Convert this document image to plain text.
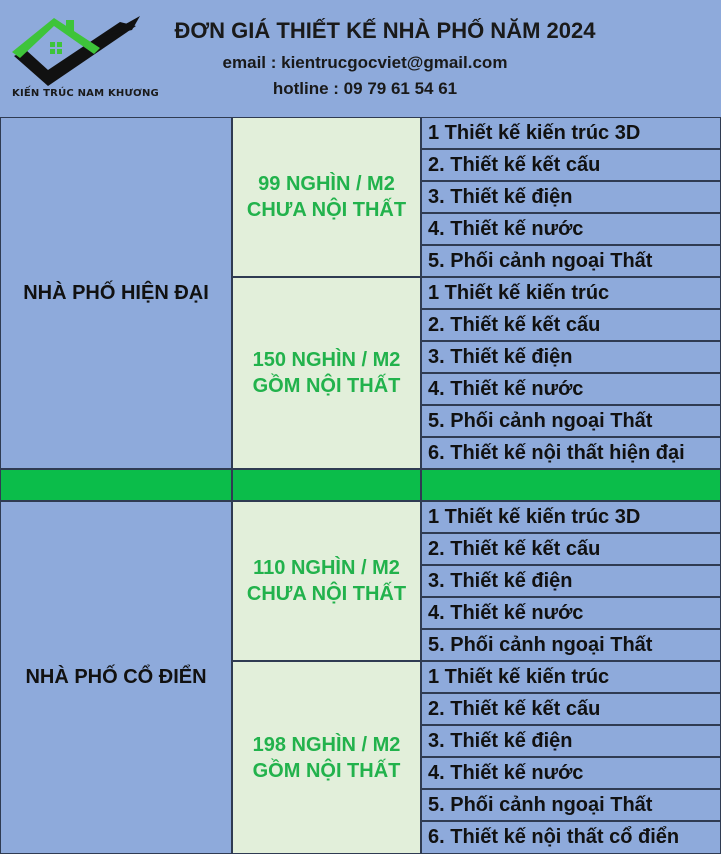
KIẾN TRÚC NAM KHƯƠNG
ĐƠN GIÁ THIẾT KẾ NHÀ PHỐ NĂM 2024
email : kientrucgocviet@gmail.com
hotline : 09 79 61 54 61
NHÀ PHỐ HIỆN ĐẠI
99 NGHÌN / M2
CHƯA NỘI THẤT
150 NGHÌN / M2
GỒM NỘI THẤT
1 Thiết kế kiến trúc 3D
2. Thiết kế kết cấu
3. Thiết kế điện
4. Thiết kế nước
5. Phối cảnh ngoại Thất
1 Thiết kế kiến trúc
2. Thiết kế kết cấu
3. Thiết kế điện
4. Thiết kế nước
5. Phối cảnh ngoại Thất
6. Thiết kế nội thất hiện đại
NHÀ PHỐ CỔ ĐIỂN
110 NGHÌN / M2
CHƯA NỘI THẤT
198 NGHÌN / M2
GỒM NỘI THẤT
1 Thiết kế kiến trúc 3D
2. Thiết kế kết cấu
3. Thiết kế điện
4. Thiết kế nước
5. Phối cảnh ngoại Thất
1 Thiết kế kiến trúc
2. Thiết kế kết cấu
3. Thiết kế điện
4. Thiết kế nước
5. Phối cảnh ngoại Thất
6. Thiết kế nội thất cổ điển
